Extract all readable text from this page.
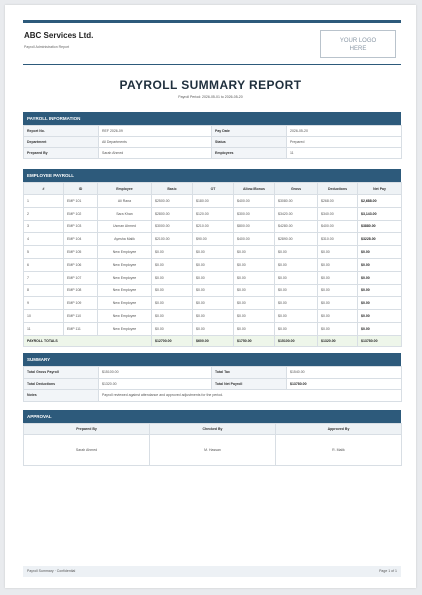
ABC Services Ltd.
Payroll Administration Report
YOUR LOGO
HERE
PAYROLL SUMMARY REPORT
Payroll Period: 2026-05-01 to 2026-05-20
PAYROLL INFORMATION
Report No.	REF 2026-09	Pay Date	2026-05-20
Department	All Departments	Status	Prepared
Prepared By	Sarah Ahmed	Employees	11
EMPLOYEE PAYROLL
#	ID	Employee	Basic	OT	Allow./Bonus	Gross	Deductions	Net Pay
1	EMP 101	Ali Rana	$2500.00	$180.00	$400.00	$3080.00	$268.00	$2,688.00
2	EMP 102	Sara Khan	$2800.00	$120.00	$300.00	$3420.00	$340.00	$3,143.00
3	EMP 103	Usman Ahmed	$3000.00	$210.00	$800.00	$4280.00	$400.00	$3880.00
4	EMP 104	Ayesha Malik	$2100.00	$90.00	$400.00	$2890.00	$310.00	$3228.00
5	EMP 105	New Employee	$0.00	$0.00	$0.00	$0.00	$0.00	$0.00
6	EMP 106	New Employee	$0.00	$0.00	$0.00	$0.00	$0.00	$0.00
7	EMP 107	New Employee	$0.00	$0.00	$0.00	$0.00	$0.00	$0.00
8	EMP 108	New Employee	$0.00	$0.00	$0.00	$0.00	$0.00	$0.00
9	EMP 109	New Employee	$0.00	$0.00	$0.00	$0.00	$0.00	$0.00
10	EMP 110	New Employee	$0.00	$0.00	$0.00	$0.00	$0.00	$0.00
11	EMP 111	New Employee	$0.00	$0.00	$0.00	$0.00	$0.00	$0.00
PAYROLL TOTALS			$12700.00	$600.00	$1750.00	$15100.00	$1320.00	$13780.00
SUMMARY
Total Gross Payroll	$15100.00	Total Tax	$1540.00
Total Deductions	$1320.00	Total Net Payroll	$13780.00
Notes	Payroll reviewed against attendance and approved adjustments for the period.		
APPROVAL
Prepared By	Checked By	Approved By
Sarah Ahmed	M. Hassan	R. Malik
Payroll Summary · Confidential	Page 1 of 1
